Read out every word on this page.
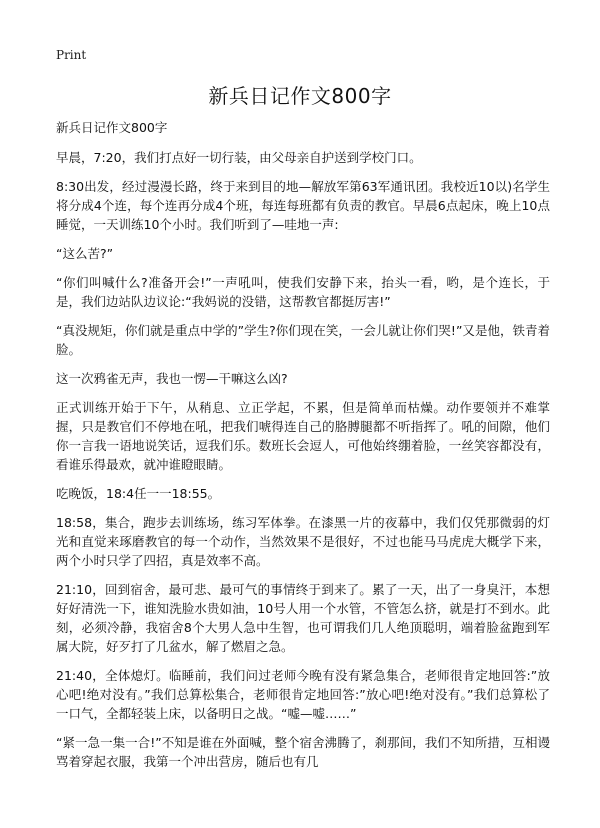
Print
新兵日记作文800字

新兵日记作文800字

早晨，7:20，我们打点好一切行装，由父母亲自护送到学校门口。

8:30出发，经过漫漫长路，终于来到目的地—解放军第63军通讯团。我校近10以)名学生将分成4个连，每个连再分成4个班，每连每班都有负责的教官。早晨6点起床，晚上10点睡觉，一天训练10个小时。我们听到了—哇地一声:

“这么苦?”

“你们叫喊什么?准备开会!”一声吼叫，使我们安静下来，抬头一看，哟，是个连长，于是，我们边站队边议论:“我妈说的没错，这帮教官都挺厉害!”

“真没规矩，你们就是重点中学的”学生?你们现在笑，一会儿就让你们哭!”又是他，铁青着脸。

这一次鸦雀无声，我也一愣—干嘛这么凶?

正式训练开始于下午，从稍息、立正学起，不累，但是简单而枯燥。动作要领并不难掌握，只是教官们不停地在吼，把我们唬得连自己的胳膊腿都不听指挥了。吼的间隙，他们你一言我一语地说笑话，逗我们乐。数班长会逗人，可他始终绷着脸，一丝笑容都没有，看谁乐得最欢，就冲谁瞪眼睛。

吃晚饭，18:4任一一18:55。

18:58，集合，跑步去训练场，练习军体拳。在漆黑一片的夜幕中，我们仅凭那微弱的灯光和直觉来琢磨教官的每一个动作，当然效果不是很好，不过也能马马虎虎大概学下来，两个小时只学了四招，真是效率不高。

21:10，回到宿舍，最可悲、最可气的事情终于到来了。累了一天，出了一身臭汗，本想好好清洗一下，谁知洗脸水贵如油，10号人用一个水管，不管怎么挤，就是打不到水。此刻，必须冷静，我宿舍8个大男人急中生智，也可谓我们几人绝顶聪明，端着脸盆跑到军属大院，好歹打了几盆水，解了燃眉之急。

21:40，全体熄灯。临睡前，我们问过老师今晚有没有紧急集合，老师很肯定地回答:”放心吧!绝对没有。”我们总算松集合，老师很肯定地回答:”放心吧!绝对没有。”我们总算松了一口气，全都轻装上床，以备明日之战。“嘘—嘘……”

“紧一急一集一合!”不知是谁在外面喊，整个宿舍沸腾了，刹那间，我们不知所措，互相谩骂着穿起衣服，我第一个冲出营房，随后也有几
